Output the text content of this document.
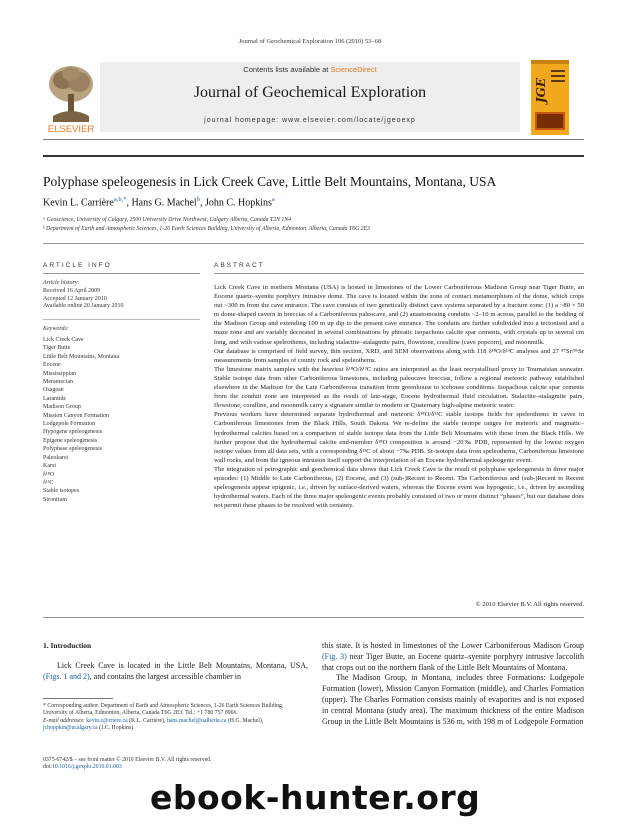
Journal of Geochemical Exploration 106 (2010) 53–68
Contents lists available at ScienceDirect
Journal of Geochemical Exploration
journal homepage: www.elsevier.com/locate/jgeoexp
ELSEVIER
JGE
Polyphase speleogenesis in Lick Creek Cave, Little Belt Mountains, Montana, USA
Kevin L. Carrière$^{a,b,*}$, Hans G. Machel$^b$, John C. Hopkins$^a$
ᵃ Geoscience, University of Calgary, 2500 University Drive Northwest, Calgary Alberta, Canada T2N 1N4
ᵇ Department of Earth and Atmospheric Sciences, 1-26 Earth Sciences Building, University of Alberta, Edmonton, Alberta, Canada T6G 2E3
ARTICLE INFO
Article history:
Received 16 April 2009
Accepted 12 January 2010
Available online 20 January 2010
Keywords:
Lick Creek Cave
Tiger Butte
Little Belt Mountains, Montana
Eocene
Mississippian
Meramecian
Osagean
Laramide
Madison Group
Mission Canyon Formation
Lodgepole Formation
Hypogene speleogenesis
Epigene speleogenesis
Polyphase speleogenesis
Paleokarst
Karst
δ¹⁸O
δ¹³C
Stable isotopes
Strontium
ABSTRACT

Lick Creek Cave in northern Montana (USA) is hosted in limestones of the Lower Carboniferous Madison Group near Tiger Butte, an Eocene quartz–syenite porphyry intrusive dome. The cave is located within the zone of contact metamorphism of the dome, which crops out ~300 m from the cave entrance. The cave consists of two genetically distinct cave systems separated by a fracture zone: (1) a ~80 × 50 m dome-shaped cavern in breccias of a Carboniferous paleocave, and (2) anastomosing conduits ~2–10 m across, parallel to the bedding of the Madison Group and extending 100 m up dip to the present cave entrance. The conduits are further subdivided into a tectonised and a maze zone and are variably decorated in several combinations by phreatic isopachous calcite spar cements, with crystals up to several cm long, and with vadose speleothems, including stalactite–stalagmite pairs, flowstone, coralline (cave popcorn), and moonmilk.

Our database is comprised of field survey, thin section, XRD, and SEM observations along with 118 δ¹⁸O/δ¹³C analyses and 27 ⁸⁷Sr/⁸⁶Sr measurements from samples of county rock and speleothems.

The limestone matrix samples with the heaviest δ¹⁸O/δ¹³C ratios are interpreted as the least recrystallised proxy to Tournaisian seawater. Stable isotope data from other Carboniferous limestones, including paleocave breccias, follow a regional meteoric pathway established elsewhere in the Madison for the Late Carboniferous transition from greenhouse to icehouse conditions. Isopachous calcite spar cements from the conduit zone are interpreted as the result of late-stage, Eocene hydrothermal fluid circulation. Stalactite–stalagmite pairs, flowstone, coralline, and moonmilk carry a signature similar to modern or Quaternary high-alpine meteoric water.

Previous workers have determined separate hydrothermal and meteoric δ¹⁸O/δ¹³C stable isotope fields for speleothems in caves in Carboniferous limestones from the Black Hills, South Dakota. We re-define the stable isotope ranges for meteoric and magmatic–hydrothermal calcites based on a comparison of stable isotope data from the Little Belt Mountains with those from the Black Hills. We further propose that the hydrothermal calcite end-member δ¹⁸O composition is around −20‰ PDB, represented by the lowest oxygen isotope values from all data sets, with a corresponding δ¹³C of about −7‰ PDB. Sr-isotope data from speleothems, Carboniferous limestone wall rocks, and from the igneous intrusion itself support the interpretation of an Eocene hydrothermal speleogenic event.

The integration of petrographic and geochemical data shows that Lick Creek Cave is the result of polyphase speleogenesis in three major episodes: (1) Middle to Late Carboniferous, (2) Eocene, and (3) (sub-)Recent to Recent. The Carboniferous and (sub-)Recent to Recent speleogenesis appear epigenic, i.e., driven by surface-derived waters, whereas the Eocene event was hypogenic, i.e., driven by ascending hydrothermal waters. Each of the three major speleogenic events probably consisted of two or more distinct “phases”, but our database does not permit these phases to be resolved with certainty.

© 2010 Elsevier B.V. All rights reserved.
1. Introduction
Lick Creek Cave is located in the Little Belt Mountains, Montana, USA, (Figs. 1 and 2), and contains the largest accessible chamber in
this state. It is hosted in limestones of the Lower Carboniferous Madison Group (Fig. 3) near Tiger Butte, an Eocene quartz–syenite porphyry intrusive laccolith that crops out on the northern flank of the Little Belt Mountains of Montana.
The Madison Group, in Montana, includes three Formations: Lodgepole Formation (lower), Mission Canyon Formation (middle), and Charles Formation (upper). The Charles Formation consists mainly of evaporites and is not exposed in central Montana (study area). The maximum thickness of the entire Madison Group in the Little Belt Mountains is 536 m, with 198 m of Lodgepole Formation
* Corresponding author. Department of Earth and Atmospheric Sciences, 1-26 Earth Sciences Building, University of Alberta, Edmonton, Alberta, Canada T6G 2E3. Tel.: +1 780 757 8966.
E-mail addresses: kevin.c@rriere.ca (K.L. Carrière), hans.machel@ualberta.ca (H.G. Machel), jchoppkin@ucalgary.ca (J.C. Hopkins).
0375-6742/$ – see front matter © 2010 Elsevier B.V. All rights reserved.
doi:10.1016/j.gexplo.2010.01.003
ebook-hunter.org
